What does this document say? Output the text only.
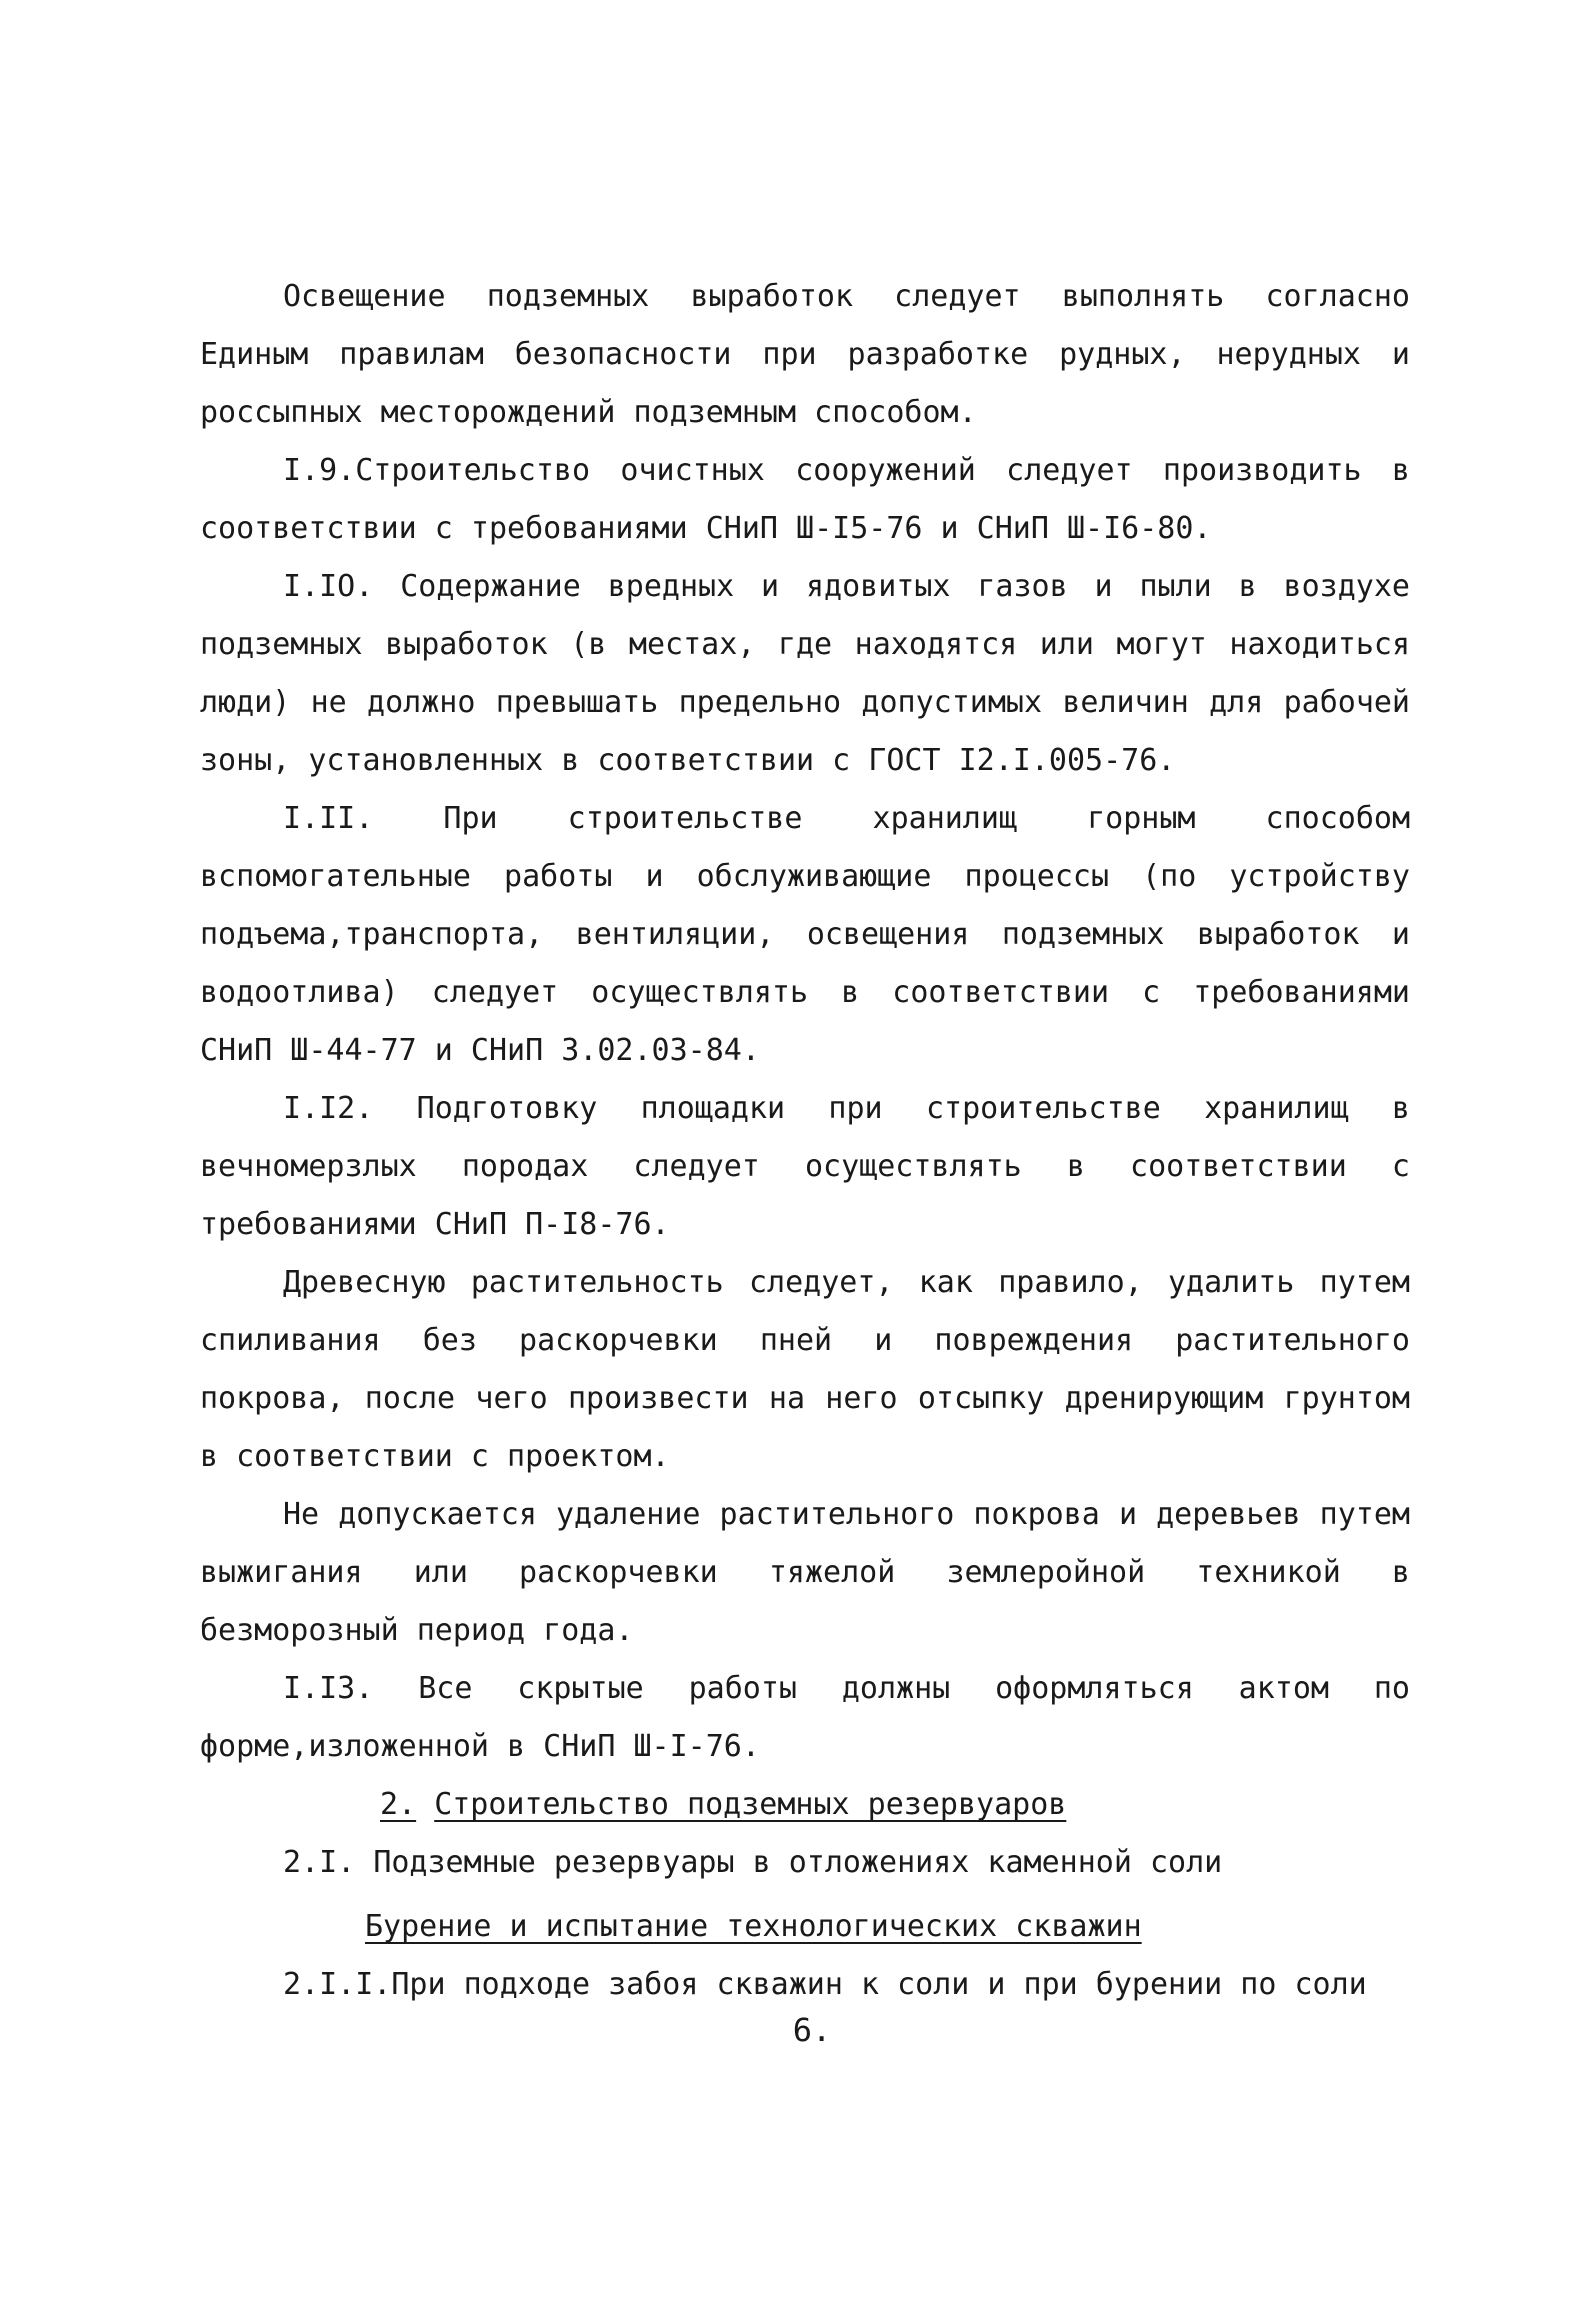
Освещение подземных выработок следует выполнять согласно Единым правилам безопасности при разработке рудных, нерудных и россыпных месторождений подземным способом.

I.9.Строительство очистных сооружений следует производить в соответствии с требованиями СНиП Ш-I5-76 и СНиП Ш-I6-80.

I.IO. Содержание вредных и ядовитых газов и пыли в воздухе подземных выработок (в местах, где находятся или могут находиться люди) не должно превышать предельно допустимых величин для рабочей зоны, установленных в соответствии с ГОСТ I2.I.005-76.

I.II. При строительстве хранилищ горным способом вспомогательные работы и обслуживающие процессы (по устройству подъема,транспорта, вентиляции, освещения подземных выработок и водоотлива) следует осуществлять в соответствии с требованиями СНиП Ш-44-77 и СНиП 3.02.03-84.

I.I2. Подготовку площадки при строительстве хранилищ в вечномерзлых породах следует осуществлять в соответствии с требованиями СНиП П-I8-76.

Древесную растительность следует, как правило, удалить путем спиливания без раскорчевки пней и повреждения растительного покрова, после чего произвести на него отсыпку дренирующим грунтом в соответствии с проектом.

Не допускается удаление растительного покрова и деревьев путем выжигания или раскорчевки тяжелой землеройной техникой в безморозный период года.

I.I3. Все скрытые работы должны оформляться актом по форме,изложенной в СНиП Ш-I-76.

2. Строительство подземных резервуаров

2.I. Подземные резервуары в отложениях каменной соли

Бурение и испытание технологических скважин

2.I.I.При подходе забоя скважин к соли и при бурении по соли

6.
